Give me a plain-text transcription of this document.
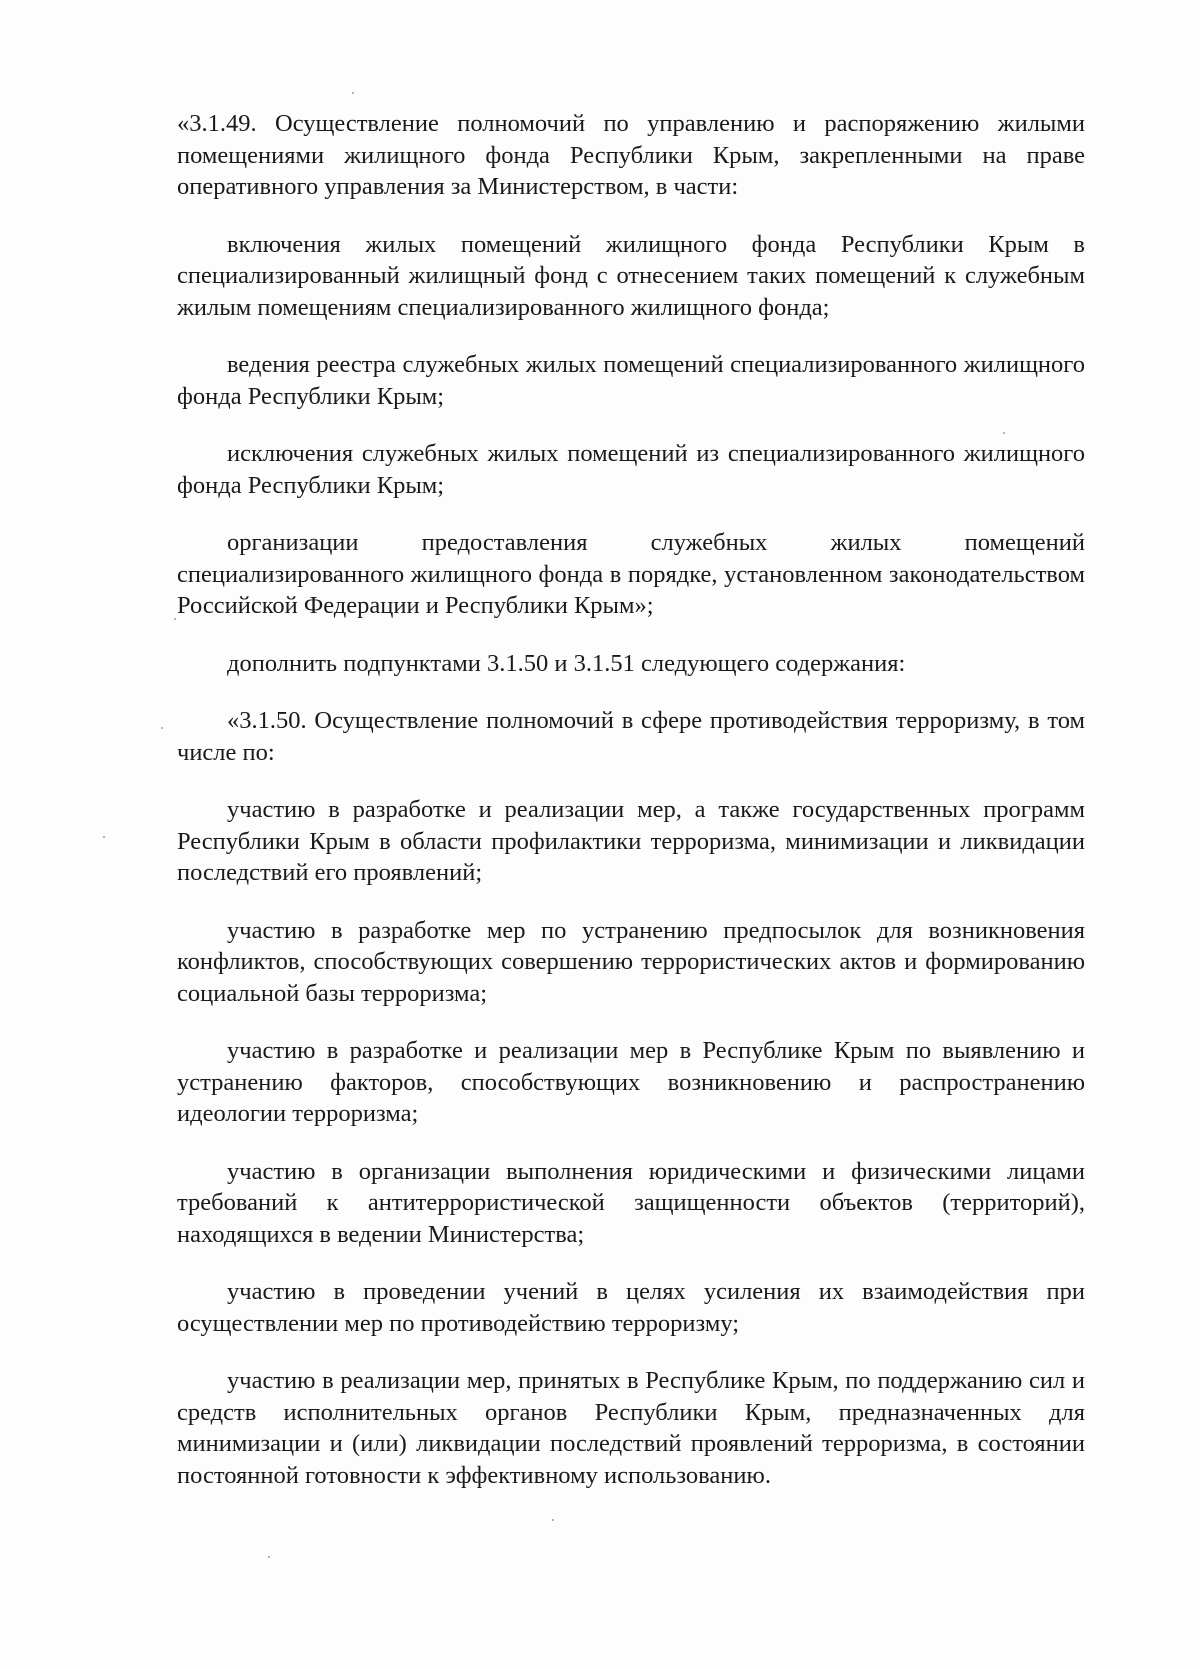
«3.1.49. Осуществление полномочий по управлению и распоряжению жилыми помещениями жилищного фонда Республики Крым, закрепленными на праве оперативного управления за Министерством, в части:

включения жилых помещений жилищного фонда Республики Крым в специализированный жилищный фонд с отнесением таких помещений к служебным жилым помещениям специализированного жилищного фонда;

ведения реестра служебных жилых помещений специализированного жилищного фонда Республики Крым;

исключения служебных жилых помещений из специализированного жилищного фонда Республики Крым;

организации предоставления служебных жилых помещений специализированного жилищного фонда в порядке, установленном законодательством Российской Федерации и Республики Крым»;

дополнить подпунктами 3.1.50 и 3.1.51 следующего содержания:

«3.1.50. Осуществление полномочий в сфере противодействия терроризму, в том числе по:

участию в разработке и реализации мер, а также государственных программ Республики Крым в области профилактики терроризма, минимизации и ликвидации последствий его проявлений;

участию в разработке мер по устранению предпосылок для возникновения конфликтов, способствующих совершению террористических актов и формированию социальной базы терроризма;

участию в разработке и реализации мер в Республике Крым по выявлению и устранению факторов, способствующих возникновению и распространению идеологии терроризма;

участию в организации выполнения юридическими и физическими лицами требований к антитеррористической защищенности объектов (территорий), находящихся в ведении Министерства;

участию в проведении учений в целях усиления их взаимодействия при осуществлении мер по противодействию терроризму;

участию в реализации мер, принятых в Республике Крым, по поддержанию сил и средств исполнительных органов Республики Крым, предназначенных для минимизации и (или) ликвидации последствий проявлений терроризма, в состоянии постоянной готовности к эффективному использованию.
